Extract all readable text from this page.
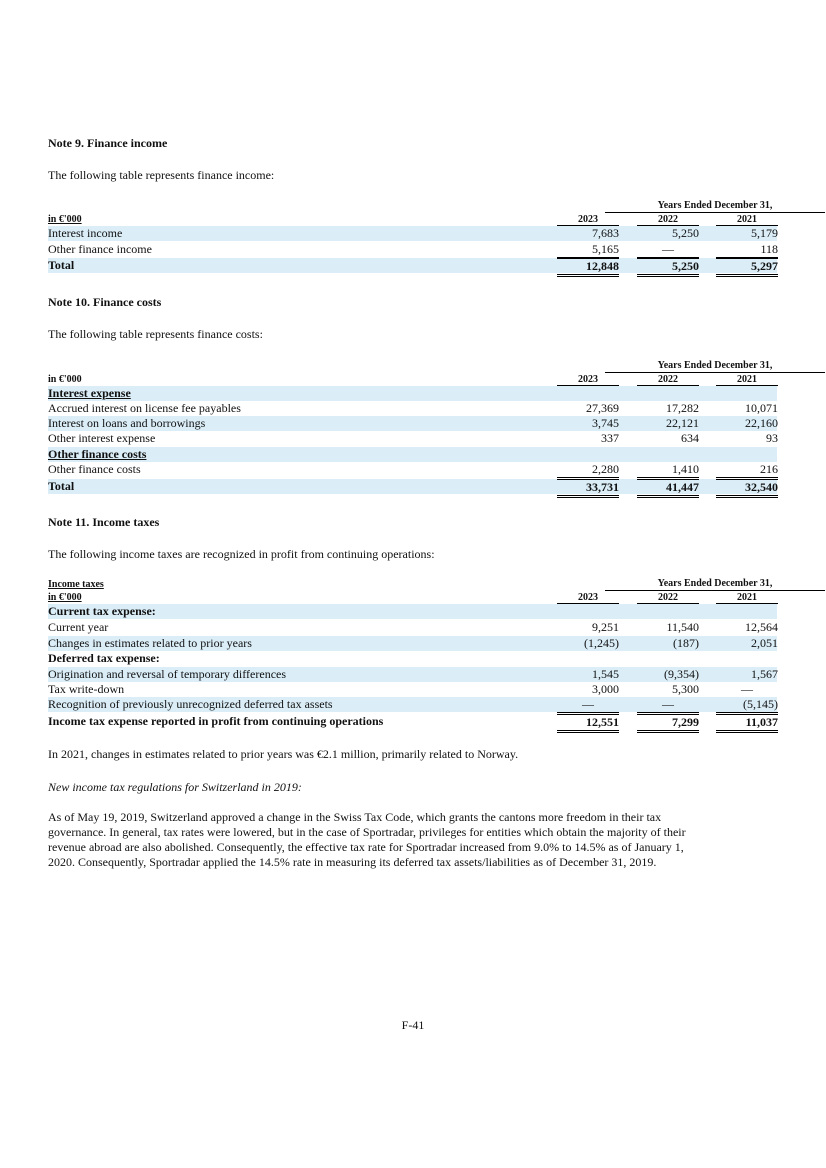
Note 9. Finance income
The following table represents finance income:
Years Ended December 31,
in €'000	2023	2022	2021
Interest income	7,683	5,250	5,179
Other finance income	5,165	—	118
Total	12,848	5,250	5,297
Note 10. Finance costs
The following table represents finance costs:
Years Ended December 31,
in €'000	2023	2022	2021
Interest expense
Accrued interest on license fee payables	27,369	17,282	10,071
Interest on loans and borrowings	3,745	22,121	22,160
Other interest expense	337	634	93
Other finance costs
Other finance costs	2,280	1,410	216
Total	33,731	41,447	32,540
Note 11. Income taxes
The following income taxes are recognized in profit from continuing operations:
Income taxes	Years Ended December 31,
in €'000	2023	2022	2021
Current tax expense:
Current year	9,251	11,540	12,564
Changes in estimates related to prior years	(1,245)	(187)	2,051
Deferred tax expense:
Origination and reversal of temporary differences	1,545	(9,354)	1,567
Tax write-down	3,000	5,300	—
Recognition of previously unrecognized deferred tax assets	—	—	(5,145)
Income tax expense reported in profit from continuing operations	12,551	7,299	11,037
In 2021, changes in estimates related to prior years was €2.1 million, primarily related to Norway.
New income tax regulations for Switzerland in 2019:
As of May 19, 2019, Switzerland approved a change in the Swiss Tax Code, which grants the cantons more freedom in their tax
governance. In general, tax rates were lowered, but in the case of Sportradar, privileges for entities which obtain the majority of their
revenue abroad are also abolished. Consequently, the effective tax rate for Sportradar increased from 9.0% to 14.5% as of January 1,
2020. Consequently, Sportradar applied the 14.5% rate in measuring its deferred tax assets/liabilities as of December 31, 2019.
F-41
